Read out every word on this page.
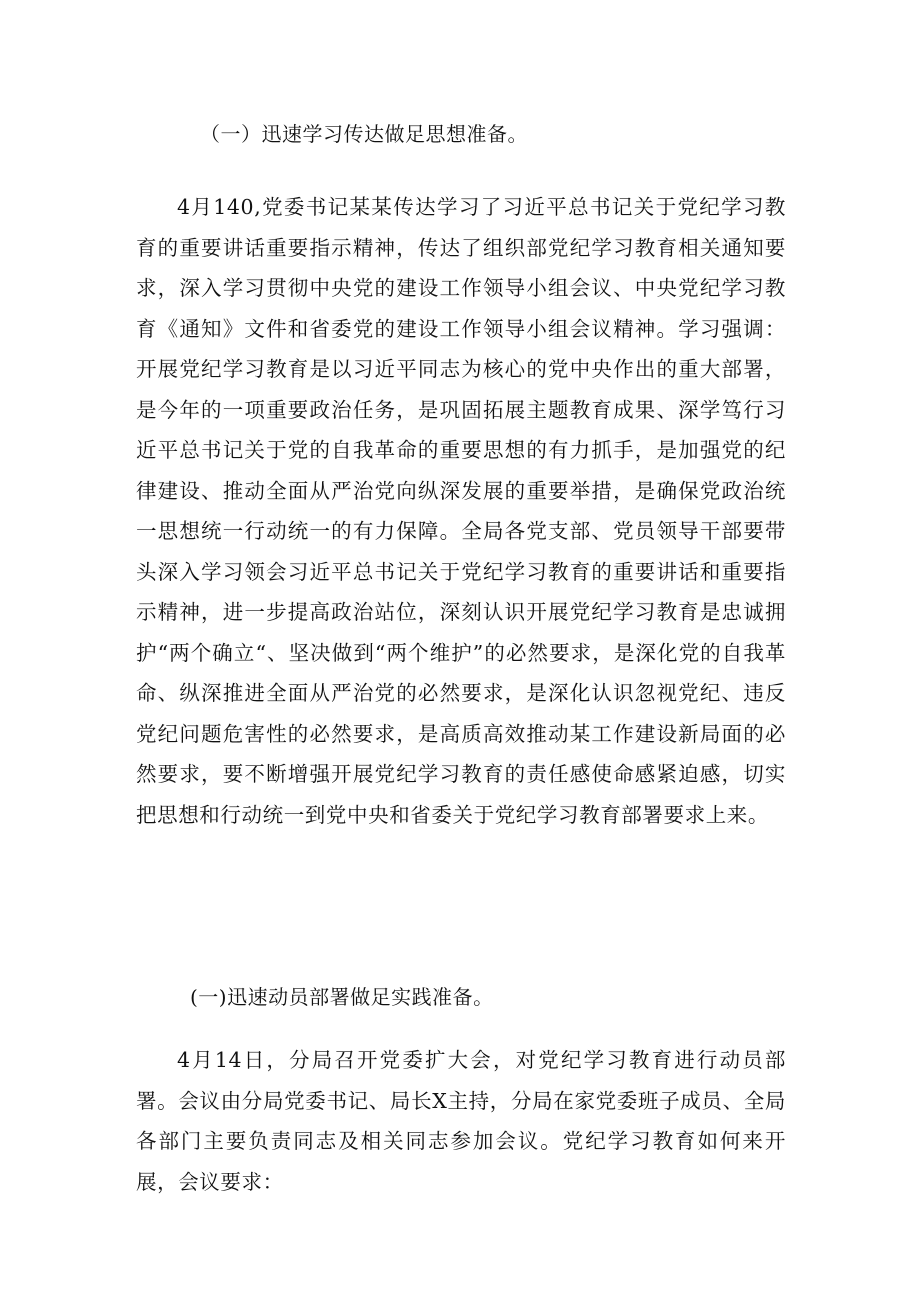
（一）迅速学习传达做足思想准备。
4月140,党委书记某某传达学习了习近平总书记关于党纪学习教育的重要讲话重要指示精神，传达了组织部党纪学习教育相关通知要求，深入学习贯彻中央党的建设工作领导小组会议、中央党纪学习教育《通知》文件和省委党的建设工作领导小组会议精神。学习强调：开展党纪学习教育是以习近平同志为核心的党中央作出的重大部署，是今年的一项重要政治任务，是巩固拓展主题教育成果、深学笃行习近平总书记关于党的自我革命的重要思想的有力抓手，是加强党的纪律建设、推动全面从严治党向纵深发展的重要举措，是确保党政治统一思想统一行动统一的有力保障。全局各党支部、党员领导干部要带头深入学习领会习近平总书记关于党纪学习教育的重要讲话和重要指示精神，进一步提高政治站位，深刻认识开展党纪学习教育是忠诚拥护“两个确立“、坚决做到“两个维护”的必然要求，是深化党的自我革命、纵深推进全面从严治党的必然要求，是深化认识忽视党纪、违反党纪问题危害性的必然要求，是高质高效推动某工作建设新局面的必然要求，要不断增强开展党纪学习教育的责任感使命感紧迫感，切实把思想和行动统一到党中央和省委关于党纪学习教育部署要求上来。
(一)迅速动员部署做足实践准备。
4月14日，分局召开党委扩大会，对党纪学习教育进行动员部署。会议由分局党委书记、局长X主持，分局在家党委班子成员、全局各部门主要负责同志及相关同志参加会议。党纪学习教育如何来开展，会议要求：
